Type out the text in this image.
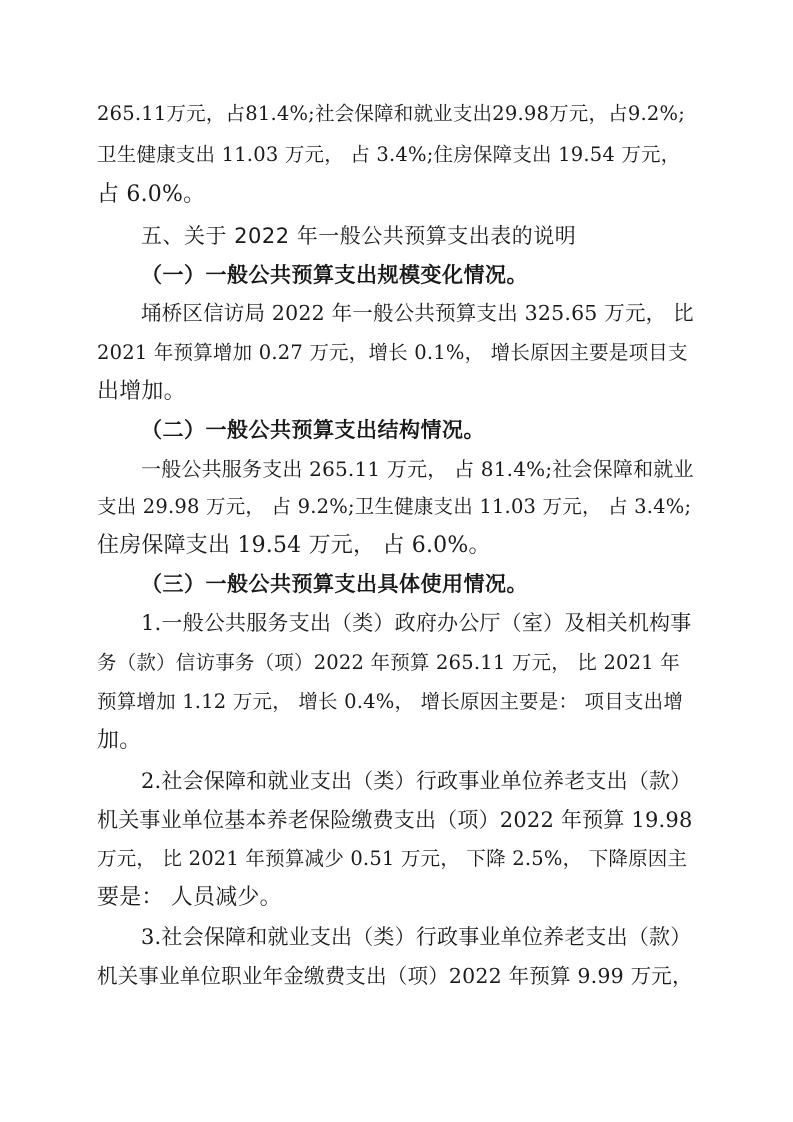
265.11万元，占81.4%;社会保障和就业支出29.98万元，占9.2%;
卫生健康支出 11.03 万元， 占 3.4%;住房保障支出 19.54 万元，
占 6.0%。
五、关于 2022 年一般公共预算支出表的说明
（一）一般公共预算支出规模变化情况。
埇桥区信访局 2022 年一般公共预算支出 325.65 万元， 比
2021 年预算增加 0.27 万元，增长 0.1%， 增长原因主要是项目支
出增加。
（二）一般公共预算支出结构情况。
一般公共服务支出 265.11 万元， 占 81.4%;社会保障和就业
支出 29.98 万元， 占 9.2%;卫生健康支出 11.03 万元， 占 3.4%;
住房保障支出 19.54 万元， 占 6.0%。
（三）一般公共预算支出具体使用情况。
1.一般公共服务支出（类）政府办公厅（室）及相关机构事
务（款）信访事务（项）2022 年预算 265.11 万元， 比 2021 年
预算增加 1.12 万元， 增长 0.4%， 增长原因主要是： 项目支出增
加。
2.社会保障和就业支出（类）行政事业单位养老支出（款）
机关事业单位基本养老保险缴费支出（项）2022 年预算 19.98
万元， 比 2021 年预算减少 0.51 万元， 下降 2.5%， 下降原因主
要是： 人员减少。
3.社会保障和就业支出（类）行政事业单位养老支出（款）
机关事业单位职业年金缴费支出（项）2022 年预算 9.99 万元，
